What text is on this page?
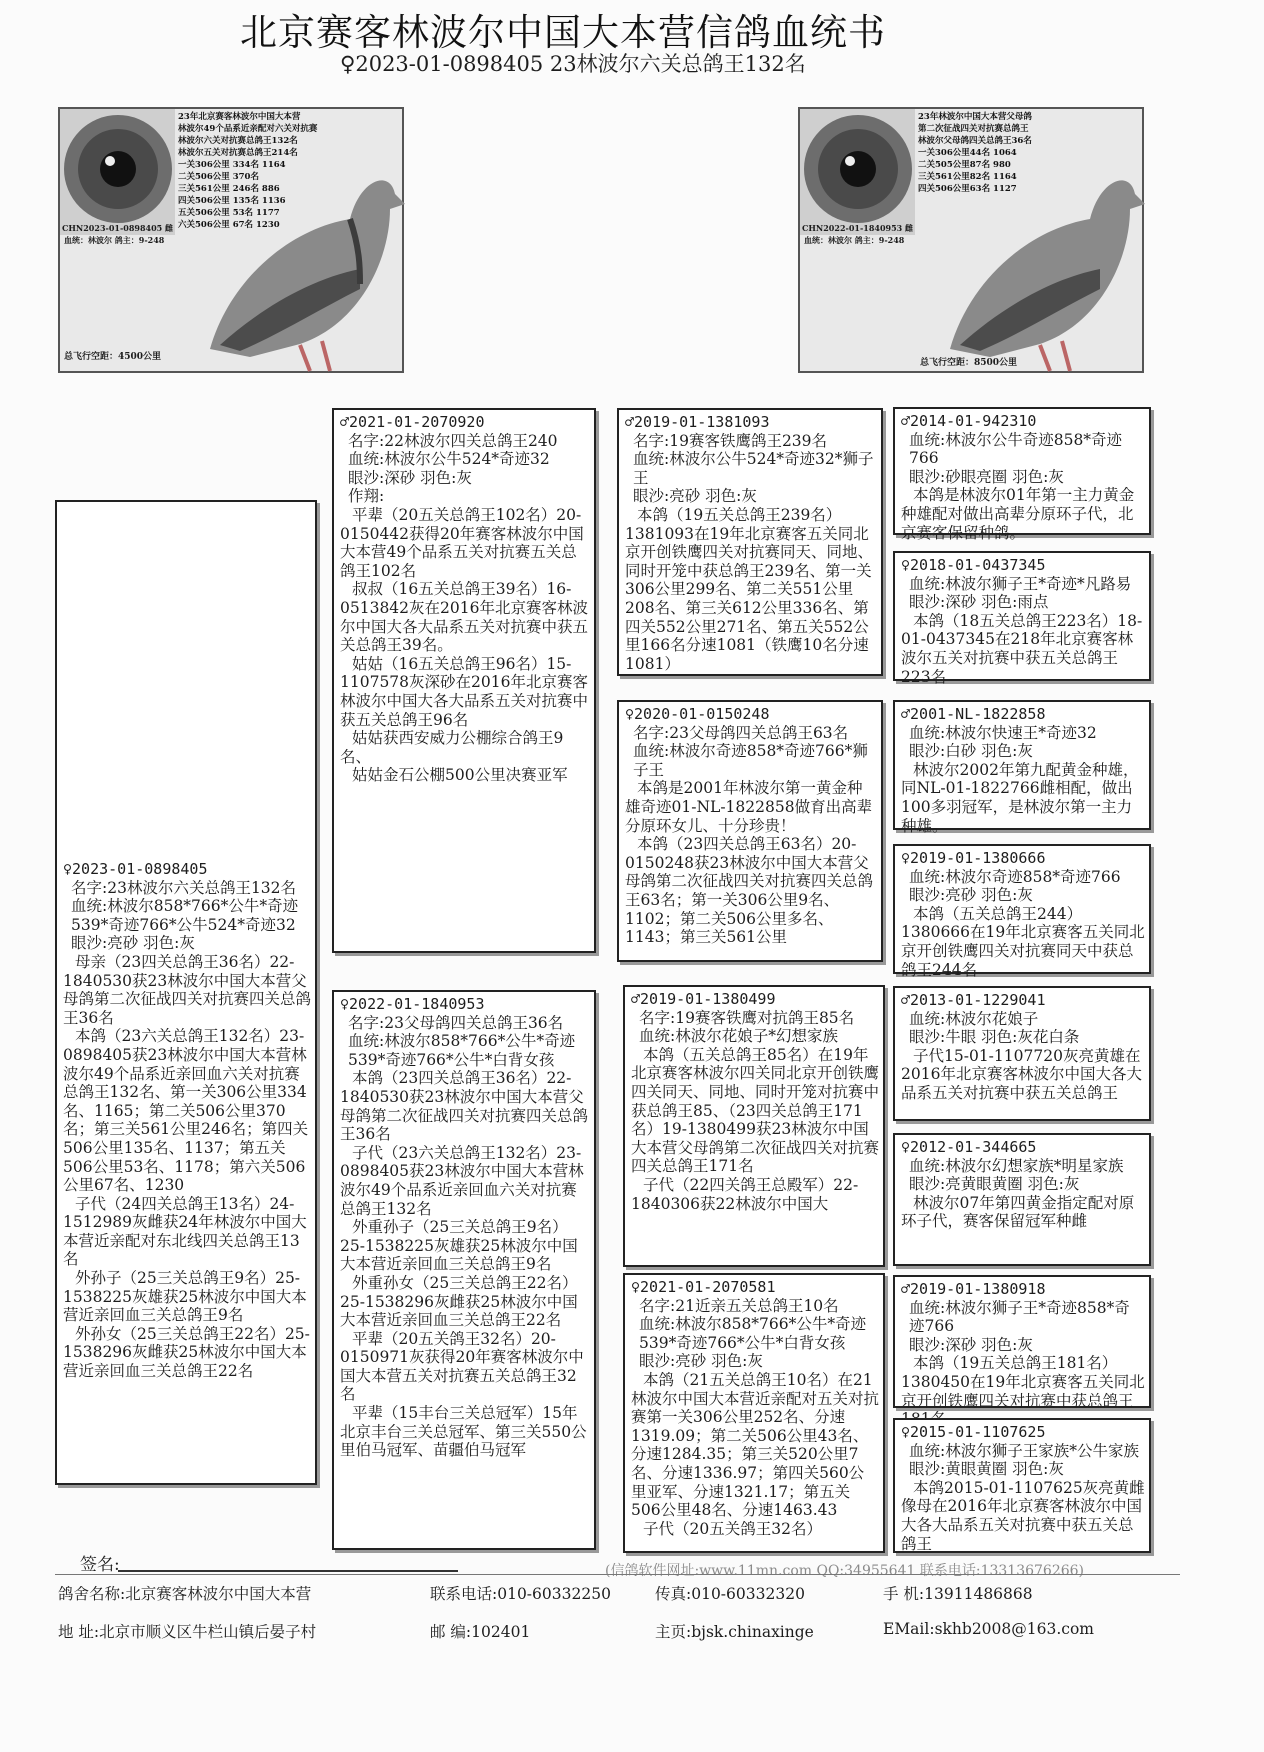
北京赛客林波尔中国大本营信鸽血统书
♀2023-01-0898405 23林波尔六关总鸽王132名
23年北京赛客林波尔中国大本营
林波尔49个品系近亲配对六关对抗赛
林波尔六关对抗赛总鸽王132名
林波尔五关对抗赛总鸽王214名
一关306公里 334名 1164
二关506公里 370名
三关561公里 246名 886
四关506公里 135名 1136
五关506公里 53名 1177
六关506公里 67名 1230
CHN2023-01-0898405 雌
血统：林波尔 鸽主：9-248
总飞行空距：4500公里
23年林波尔中国大本营父母鸽
第二次征战四关对抗赛总鸽王
林波尔父母鸽四关总鸽王36名
一关306公里44名 1064
二关505公里87名 980
三关561公里82名 1164
四关506公里63名 1127
CHN2022-01-1840953 雌
血统：林波尔 鸽主：9-248
总飞行空距：8500公里
♀2023-01-0898405
名字:23林波尔六关总鸽王132名
血统:林波尔858*766*公牛*奇迹539*奇迹766*公牛524*奇迹32
眼沙:亮砂 羽色:灰
母亲（23四关总鸽王36名）22-1840530获23林波尔中国大本营父母鸽第二次征战四关对抗赛四关总鸽王36名
本鸽（23六关总鸽王132名）23-0898405获23林波尔中国大本营林波尔49个品系近亲回血六关对抗赛总鸽王132名、第一关306公里334名、1165；第二关506公里370名；第三关561公里246名；第四关506公里135名、1137；第五关506公里53名、1178；第六关506公里67名、1230
子代（24四关总鸽王13名）24-1512989灰雌获24年林波尔中国大本营近亲配对东北线四关总鸽王13名
外孙子（25三关总鸽王9名）25-1538225灰雄获25林波尔中国大本营近亲回血三关总鸽王9名
外孙女（25三关总鸽王22名）25-1538296灰雌获25林波尔中国大本营近亲回血三关总鸽王22名
♂2021-01-2070920
名字:22林波尔四关总鸽王240
血统:林波尔公牛524*奇迹32
眼沙:深砂 羽色:灰
作翔:
平辈（20五关总鸽王102名）20-0150442获得20年赛客林波尔中国大本营49个品系五关对抗赛五关总鸽王102名
叔叔（16五关总鸽王39名）16-0513842灰在2016年北京赛客林波尔中国大各大品系五关对抗赛中获五关总鸽王39名。
姑姑（16五关总鸽王96名）15-1107578灰深砂在2016年北京赛客林波尔中国大各大品系五关对抗赛中获五关总鸽王96名
姑姑获西安威力公棚综合鸽王9名、
姑姑金石公棚500公里决赛亚军
♀2022-01-1840953
名字:23父母鸽四关总鸽王36名
血统:林波尔858*766*公牛*奇迹539*奇迹766*公牛*白背女孩
本鸽（23四关总鸽王36名）22-1840530获23林波尔中国大本营父母鸽第二次征战四关对抗赛四关总鸽王36名
子代（23六关总鸽王132名）23-0898405获23林波尔中国大本营林波尔49个品系近亲回血六关对抗赛总鸽王132名
外重孙子（25三关总鸽王9名）25-1538225灰雄获25林波尔中国大本营近亲回血三关总鸽王9名
外重孙女（25三关总鸽王22名）25-1538296灰雌获25林波尔中国大本营近亲回血三关总鸽王22名
平辈（20五关鸽王32名）20-0150971灰获得20年赛客林波尔中国大本营五关对抗赛五关总鸽王32名
平辈（15丰台三关总冠军）15年北京丰台三关总冠军、第三关550公里伯马冠军、苗疆伯马冠军
♂2019-01-1381093
名字:19赛客铁鹰鸽王239名
血统:林波尔公牛524*奇迹32*狮子王
眼沙:亮砂 羽色:灰
本鸽（19五关总鸽王239名）1381093在19年北京赛客五关同北京开创铁鹰四关对抗赛同天、同地、同时开笼中获总鸽王239名、第一关306公里299名、第二关551公里208名、第三关612公里336名、第四关552公里271名、第五关552公里166名分速1081（铁鹰10名分速1081）
♀2020-01-0150248
名字:23父母鸽四关总鸽王63名
血统:林波尔奇迹858*奇迹766*狮子王
本鸽是2001年林波尔第一黄金种雄奇迹01-NL-1822858做育出高辈分原环女儿、十分珍贵！
本鸽（23四关总鸽王63名）20-0150248获23林波尔中国大本营父母鸽第二次征战四关对抗赛四关总鸽王63名；第一关306公里9名、1102；第二关506公里多名、1143；第三关561公里
♂2019-01-1380499
名字:19赛客铁鹰对抗鸽王85名
血统:林波尔花娘子*幻想家族
本鸽（五关总鸽王85名）在19年北京赛客林波尔四关同北京开创铁鹰四关同天、同地、同时开笼对抗赛中获总鸽王85、（23四关总鸽王171名）19-1380499获23林波尔中国大本营父母鸽第二次征战四关对抗赛四关总鸽王171名
子代（22四关鸽王总殿军）22-1840306获22林波尔中国大
♀2021-01-2070581
名字:21近亲五关总鸽王10名
血统:林波尔858*766*公牛*奇迹539*奇迹766*公牛*白背女孩
眼沙:亮砂 羽色:灰
本鸽（21五关总鸽王10名）在21林波尔中国大本营近亲配对五关对抗赛第一关306公里252名、分速1319.09；第二关506公里43名、分速1284.35；第三关520公里7名、分速1336.97；第四关560公里亚军、分速1321.17；第五关506公里48名、分速1463.43
子代（20五关鸽王32名）
♂2014-01-942310
血统:林波尔公牛奇迹858*奇迹766
眼沙:砂眼亮圈 羽色:灰
本鸽是林波尔01年第一主力黄金种雄配对做出高辈分原环子代，北京赛客保留种鸽。
♀2018-01-0437345
血统:林波尔狮子王*奇迹*凡路易
眼沙:深砂 羽色:雨点
本鸽（18五关总鸽王223名）18-01-0437345在218年北京赛客林波尔五关对抗赛中获五关总鸽王223名
♂2001-NL-1822858
血统:林波尔快速王*奇迹32
眼沙:白砂 羽色:灰
林波尔2002年第九配黄金种雄，同NL-01-1822766雌相配，做出100多羽冠军，是林波尔第一主力种雄。
♀2019-01-1380666
血统:林波尔奇迹858*奇迹766
眼沙:亮砂 羽色:灰
本鸽（五关总鸽王244）1380666在19年北京赛客五关同北京开创铁鹰四关对抗赛同天中获总鸽王244名
♂2013-01-1229041
血统:林波尔花娘子
眼沙:牛眼 羽色:灰花白条
子代15-01-1107720灰亮黄雄在2016年北京赛客林波尔中国大各大品系五关对抗赛中获五关总鸽王
♀2012-01-344665
血统:林波尔幻想家族*明星家族
眼沙:亮黄眼黄圈 羽色:灰
林波尔07年第四黄金指定配对原环子代，赛客保留冠军种雌
♂2019-01-1380918
血统:林波尔狮子王*奇迹858*奇迹766
眼沙:深砂 羽色:灰
本鸽（19五关总鸽王181名）1380450在19年北京赛客五关同北京开创铁鹰四关对抗赛中获总鸽王
♀2015-01-1107625
血统:林波尔狮子王家族*公牛家族
眼沙:黄眼黄圈 羽色:灰
本鸽2015-01-1107625灰亮黄雌像母在2016年北京赛客林波尔中国大各大品系五关对抗赛中获五关总鸽王
签名:	(信鸽软件网址:www.11mn.com QQ:34955641 联系电话:13313676266)
鸽舍名称:北京赛客林波尔中国大本营	联系电话:010-60332250	传真:010-60332320	手 机:13911486868
地 址:北京市顺义区牛栏山镇后晏子村	邮 编:102401	主页:bjsk.chinaxinge	EMail:skhb2008@163.com
